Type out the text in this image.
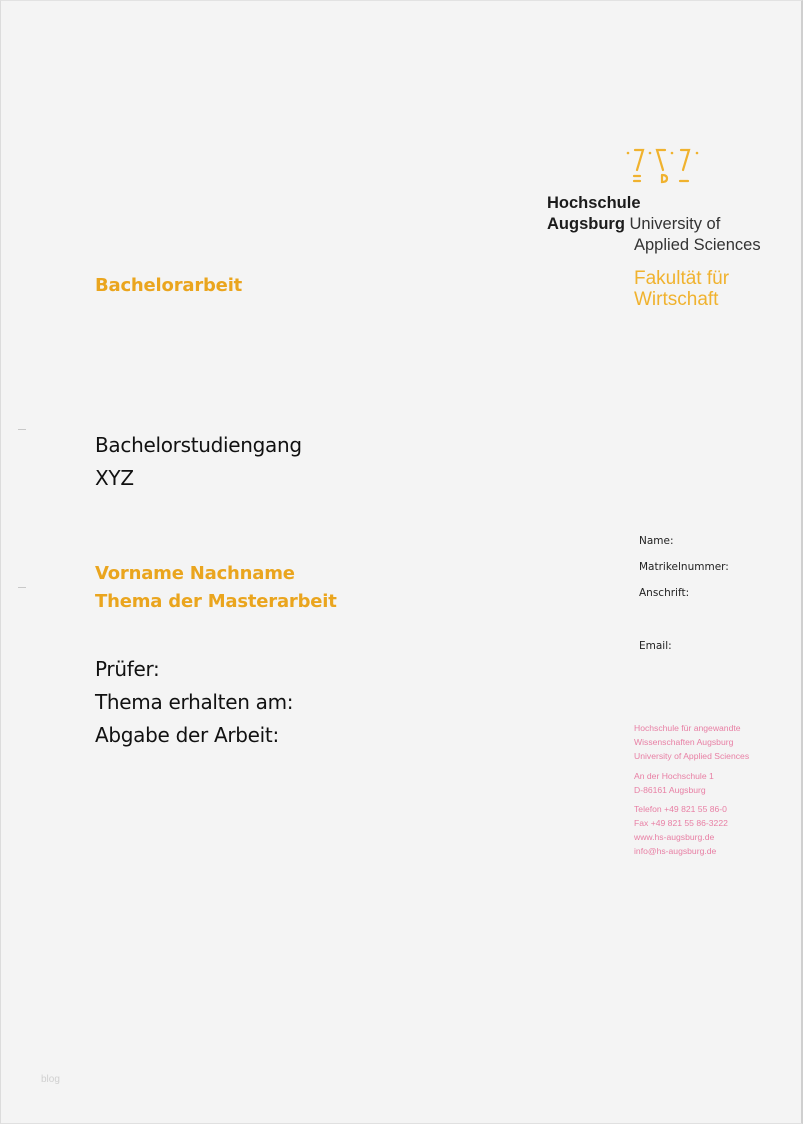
Hochschule
Augsburg University of
Applied Sciences
Fakultät für
Wirtschaft
Bachelorarbeit
Bachelorstudiengang
XYZ
Vorname Nachname
Thema der Masterarbeit
Prüfer:
Thema erhalten am:
Abgabe der Arbeit:
Name:
Matrikelnummer:
Anschrift:
Email:
Hochschule für angewandte
Wissenschaften Augsburg
University of Applied Sciences
An der Hochschule 1
D-86161 Augsburg
Telefon +49 821 55 86-0
Fax +49 821 55 86-3222
www.hs-augsburg.de
info@hs-augsburg.de
blog
